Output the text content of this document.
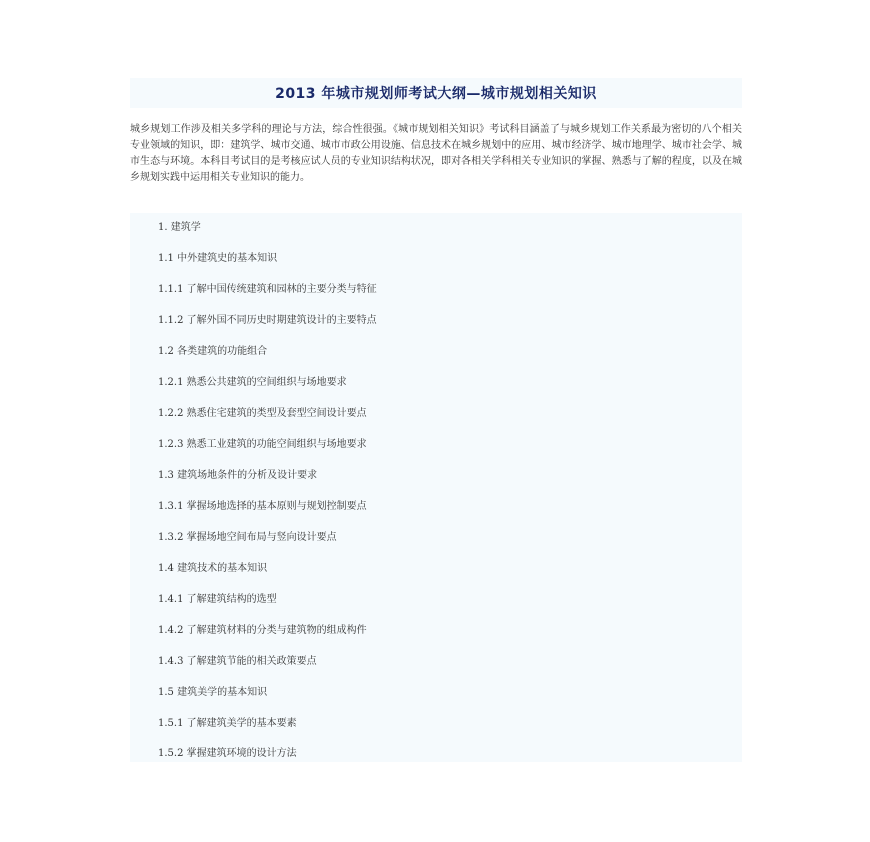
2013 年城市规划师考试大纲—城市规划相关知识

城乡规划工作涉及相关多学科的理论与方法，综合性很强。《城市规划相关知识》考试科目涵盖了与城乡规划工作关系最为密切的八个相关专业领域的知识，即：建筑学、城市交通、城市市政公用设施、信息技术在城乡规划中的应用、城市经济学、城市地理学、城市社会学、城市生态与环境。本科目考试目的是考核应试人员的专业知识结构状况，即对各相关学科相关专业知识的掌握、熟悉与了解的程度，以及在城乡规划实践中运用相关专业知识的能力。

1. 建筑学
1.1 中外建筑史的基本知识
1.1.1 了解中国传统建筑和园林的主要分类与特征
1.1.2 了解外国不同历史时期建筑设计的主要特点
1.2 各类建筑的功能组合
1.2.1 熟悉公共建筑的空间组织与场地要求
1.2.2 熟悉住宅建筑的类型及套型空间设计要点
1.2.3 熟悉工业建筑的功能空间组织与场地要求
1.3 建筑场地条件的分析及设计要求
1.3.1 掌握场地选择的基本原则与规划控制要点
1.3.2 掌握场地空间布局与竖向设计要点
1.4 建筑技术的基本知识
1.4.1 了解建筑结构的选型
1.4.2 了解建筑材料的分类与建筑物的组成构件
1.4.3 了解建筑节能的相关政策要点
1.5 建筑美学的基本知识
1.5.1 了解建筑美学的基本要素
1.5.2 掌握建筑环境的设计方法
